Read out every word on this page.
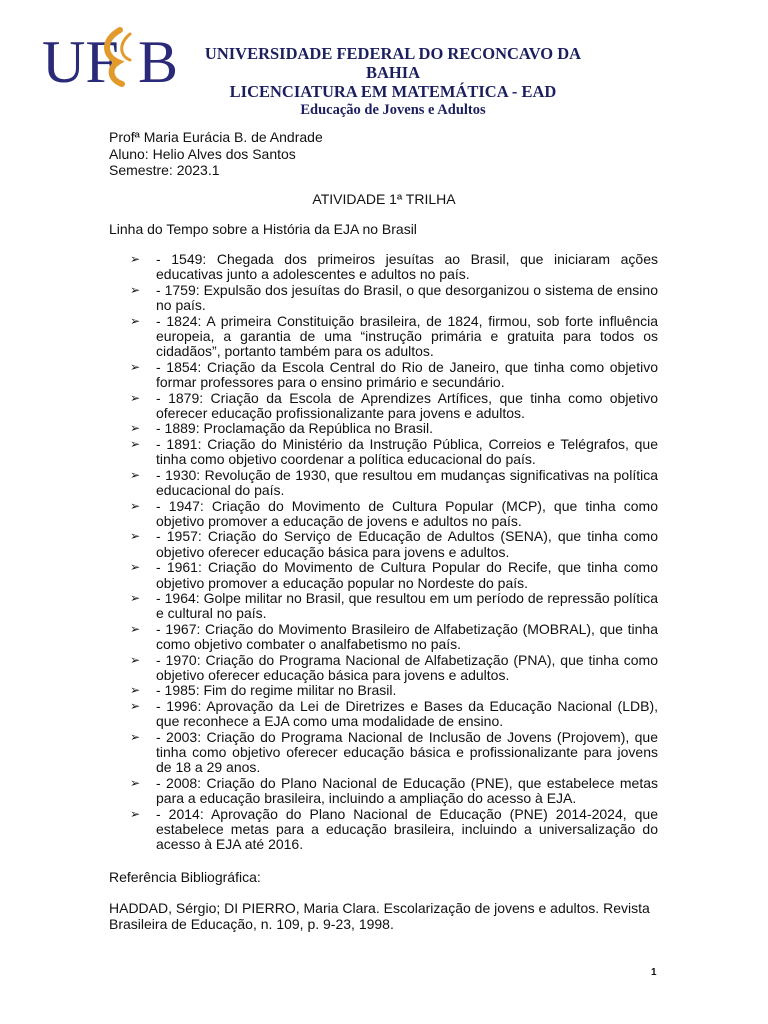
UF B	UNIVERSIDADE FEDERAL DO RECONCAVO DA BAHIA
LICENCIATURA EM MATEMÁTICA - EAD
Educação de Jovens e Adultos
Profª Maria Eurácia B. de Andrade
Aluno: Helio Alves dos Santos
Semestre: 2023.1
ATIVIDADE 1ª TRILHA
Linha do Tempo sobre a História da EJA no Brasil
➢ - 1549: Chegada dos primeiros jesuítas ao Brasil, que iniciaram ações educativas junto a adolescentes e adultos no país.
➢ - 1759: Expulsão dos jesuítas do Brasil, o que desorganizou o sistema de ensino no país.
➢ - 1824: A primeira Constituição brasileira, de 1824, firmou, sob forte influência europeia, a garantia de uma “instrução primária e gratuita para todos os cidadãos”, portanto também para os adultos.
➢ - 1854: Criação da Escola Central do Rio de Janeiro, que tinha como objetivo formar professores para o ensino primário e secundário.
➢ - 1879: Criação da Escola de Aprendizes Artífices, que tinha como objetivo oferecer educação profissionalizante para jovens e adultos.
➢ - 1889: Proclamação da República no Brasil.
➢ - 1891: Criação do Ministério da Instrução Pública, Correios e Telégrafos, que tinha como objetivo coordenar a política educacional do país.
➢ - 1930: Revolução de 1930, que resultou em mudanças significativas na política educacional do país.
➢ - 1947: Criação do Movimento de Cultura Popular (MCP), que tinha como objetivo promover a educação de jovens e adultos no país.
➢ - 1957: Criação do Serviço de Educação de Adultos (SENA), que tinha como objetivo oferecer educação básica para jovens e adultos.
➢ - 1961: Criação do Movimento de Cultura Popular do Recife, que tinha como objetivo promover a educação popular no Nordeste do país.
➢ - 1964: Golpe militar no Brasil, que resultou em um período de repressão política e cultural no país.
➢ - 1967: Criação do Movimento Brasileiro de Alfabetização (MOBRAL), que tinha como objetivo combater o analfabetismo no país.
➢ - 1970: Criação do Programa Nacional de Alfabetização (PNA), que tinha como objetivo oferecer educação básica para jovens e adultos.
➢ - 1985: Fim do regime militar no Brasil.
➢ - 1996: Aprovação da Lei de Diretrizes e Bases da Educação Nacional (LDB), que reconhece a EJA como uma modalidade de ensino.
➢ - 2003: Criação do Programa Nacional de Inclusão de Jovens (Projovem), que tinha como objetivo oferecer educação básica e profissionalizante para jovens de 18 a 29 anos.
➢ - 2008: Criação do Plano Nacional de Educação (PNE), que estabelece metas para a educação brasileira, incluindo a ampliação do acesso à EJA.
➢ - 2014: Aprovação do Plano Nacional de Educação (PNE) 2014-2024, que estabelece metas para a educação brasileira, incluindo a universalização do acesso à EJA até 2016.
Referência Bibliográfica:
HADDAD, Sérgio; DI PIERRO, Maria Clara. Escolarização de jovens e adultos. Revista Brasileira de Educação, n. 109, p. 9-23, 1998.
1
